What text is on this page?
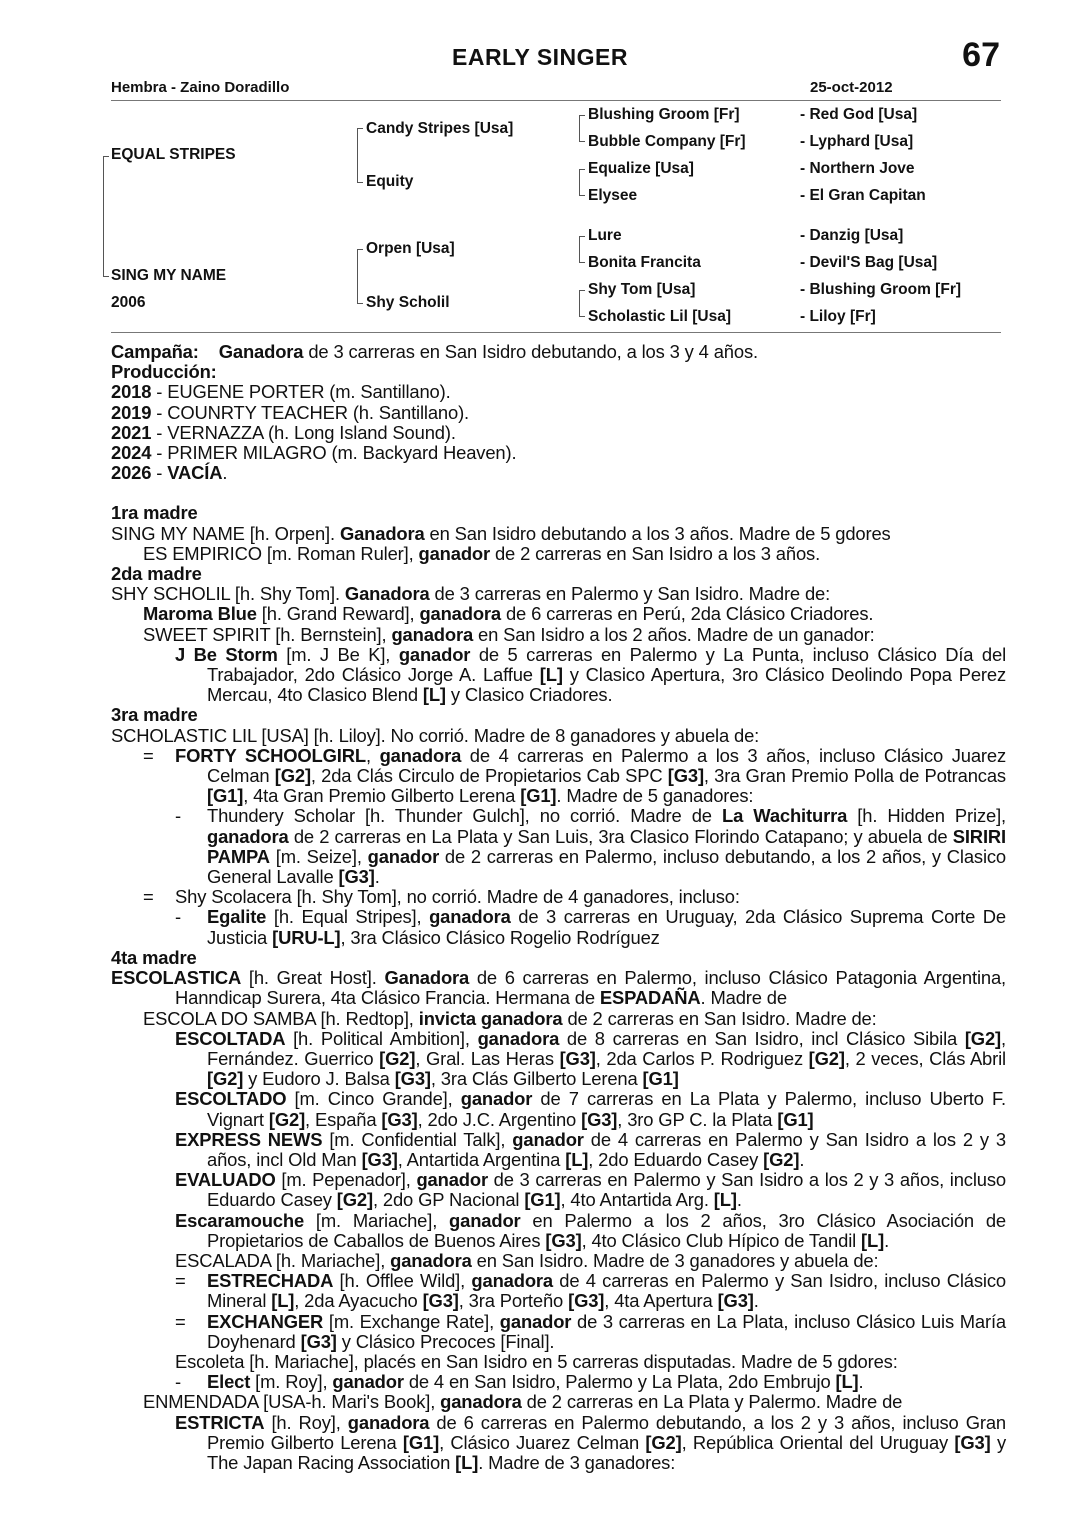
EARLY SINGER	67
Hembra - Zaino Doradillo	25-oct-2012
EQUAL STRIPES
SING MY NAME
2006
Candy Stripes [Usa]
Equity
Orpen [Usa]
Shy Scholil
Blushing Groom [Fr]
Bubble Company [Fr]
Equalize [Usa]
Elysee
Lure
Bonita Francita
Shy Tom [Usa]
Scholastic Lil [Usa]
- Red God [Usa]
- Lyphard [Usa]
- Northern Jove
- El Gran Capitan
- Danzig [Usa]
- Devil'S Bag [Usa]
- Blushing Groom [Fr]
- Liloy [Fr]

Campaña: Ganadora de 3 carreras en San Isidro debutando, a los 3 y 4 años.

Producción:

2018 - EUGENE PORTER (m. Santillano).

2019 - COUNRTY TEACHER (h. Santillano).

2021 - VERNAZZA (h. Long Island Sound).

2024 - PRIMER MILAGRO (m. Backyard Heaven).

2026 - VACÍA.

1ra madre

SING MY NAME [h. Orpen]. Ganadora en San Isidro debutando a los 3 años. Madre de 5 gdores

ES EMPIRICO [m. Roman Ruler], ganador de 2 carreras en San Isidro a los 3 años.

2da madre

SHY SCHOLIL [h. Shy Tom]. Ganadora de 3 carreras en Palermo y San Isidro. Madre de:

Maroma Blue [h. Grand Reward], ganadora de 6 carreras en Perú, 2da Clásico Criadores.

SWEET SPIRIT [h. Bernstein], ganadora en San Isidro a los 2 años. Madre de un ganador:

J Be Storm [m. J Be K], ganador de 5 carreras en Palermo y La Punta, incluso Clásico Día del Trabajador, 2do Clásico Jorge A. Laffue [L] y Clasico Apertura, 3ro Clásico Deolindo Popa Perez Mercau, 4to Clasico Blend [L] y Clasico Criadores.

3ra madre

SCHOLASTIC LIL [USA] [h. Liloy]. No corrió. Madre de 8 ganadores y abuela de:

= FORTY SCHOOLGIRL, ganadora de 4 carreras en Palermo a los 3 años, incluso Clásico Juarez Celman [G2], 2da Clás Circulo de Propietarios Cab SPC [G3], 3ra Gran Premio Polla de Potrancas [G1], 4ta Gran Premio Gilberto Lerena [G1]. Madre de 5 ganadores:

- Thundery Scholar [h. Thunder Gulch], no corrió. Madre de La Wachiturra [h. Hidden Prize], ganadora de 2 carreras en La Plata y San Luis, 3ra Clasico Florindo Catapano; y abuela de SIRIRI PAMPA [m. Seize], ganador de 2 carreras en Palermo, incluso debutando, a los 2 años, y Clasico General Lavalle [G3].

= Shy Scolacera [h. Shy Tom], no corrió. Madre de 4 ganadores, incluso:

- Egalite [h. Equal Stripes], ganadora de 3 carreras en Uruguay, 2da Clásico Suprema Corte De Justicia [URU-L], 3ra Clásico Clásico Rogelio Rodríguez

4ta madre

ESCOLASTICA [h. Great Host]. Ganadora de 6 carreras en Palermo, incluso Clásico Patagonia Argentina, Hanndicap Surera, 4ta Clásico Francia. Hermana de ESPADAÑA. Madre de

ESCOLA DO SAMBA [h. Redtop], invicta ganadora de 2 carreras en San Isidro. Madre de:

ESCOLTADA [h. Political Ambition], ganadora de 8 carreras en San Isidro, incl Clásico Sibila [G2], Fernández. Guerrico [G2], Gral. Las Heras [G3], 2da Carlos P. Rodriguez [G2], 2 veces, Clás Abril [G2] y Eudoro J. Balsa [G3], 3ra Clás Gilberto Lerena [G1]

ESCOLTADO [m. Cinco Grande], ganador de 7 carreras en La Plata y Palermo, incluso Uberto F. Vignart [G2], España [G3], 2do J.C. Argentino [G3], 3ro GP C. la Plata [G1]

EXPRESS NEWS [m. Confidential Talk], ganador de 4 carreras en Palermo y San Isidro a los 2 y 3 años, incl Old Man [G3], Antartida Argentina [L], 2do Eduardo Casey [G2].

EVALUADO [m. Pepenador], ganador de 3 carreras en Palermo y San Isidro a los 2 y 3 años, incluso Eduardo Casey [G2], 2do GP Nacional [G1], 4to Antartida Arg. [L].

Escaramouche [m. Mariache], ganador en Palermo a los 2 años, 3ro Clásico Asociación de Propietarios de Caballos de Buenos Aires [G3], 4to Clásico Club Hípico de Tandil [L].

ESCALADA [h. Mariache], ganadora en San Isidro. Madre de 3 ganadores y abuela de:

= ESTRECHADA [h. Offlee Wild], ganadora de 4 carreras en Palermo y San Isidro, incluso Clásico Mineral [L], 2da Ayacucho [G3], 3ra Porteño [G3], 4ta Apertura [G3].

= EXCHANGER [m. Exchange Rate], ganador de 3 carreras en La Plata, incluso Clásico Luis María Doyhenard [G3] y Clásico Precoces [Final].

Escoleta [h. Mariache], placés en San Isidro en 5 carreras disputadas. Madre de 5 gdores:

- Elect [m. Roy], ganador de 4 en San Isidro, Palermo y La Plata, 2do Embrujo [L].

ENMENDADA [USA-h. Mari's Book], ganadora de 2 carreras en La Plata y Palermo. Madre de

ESTRICTA [h. Roy], ganadora de 6 carreras en Palermo debutando, a los 2 y 3 años, incluso Gran Premio Gilberto Lerena [G1], Clásico Juarez Celman [G2], República Oriental del Uruguay [G3] y The Japan Racing Association [L]. Madre de 3 ganadores:
